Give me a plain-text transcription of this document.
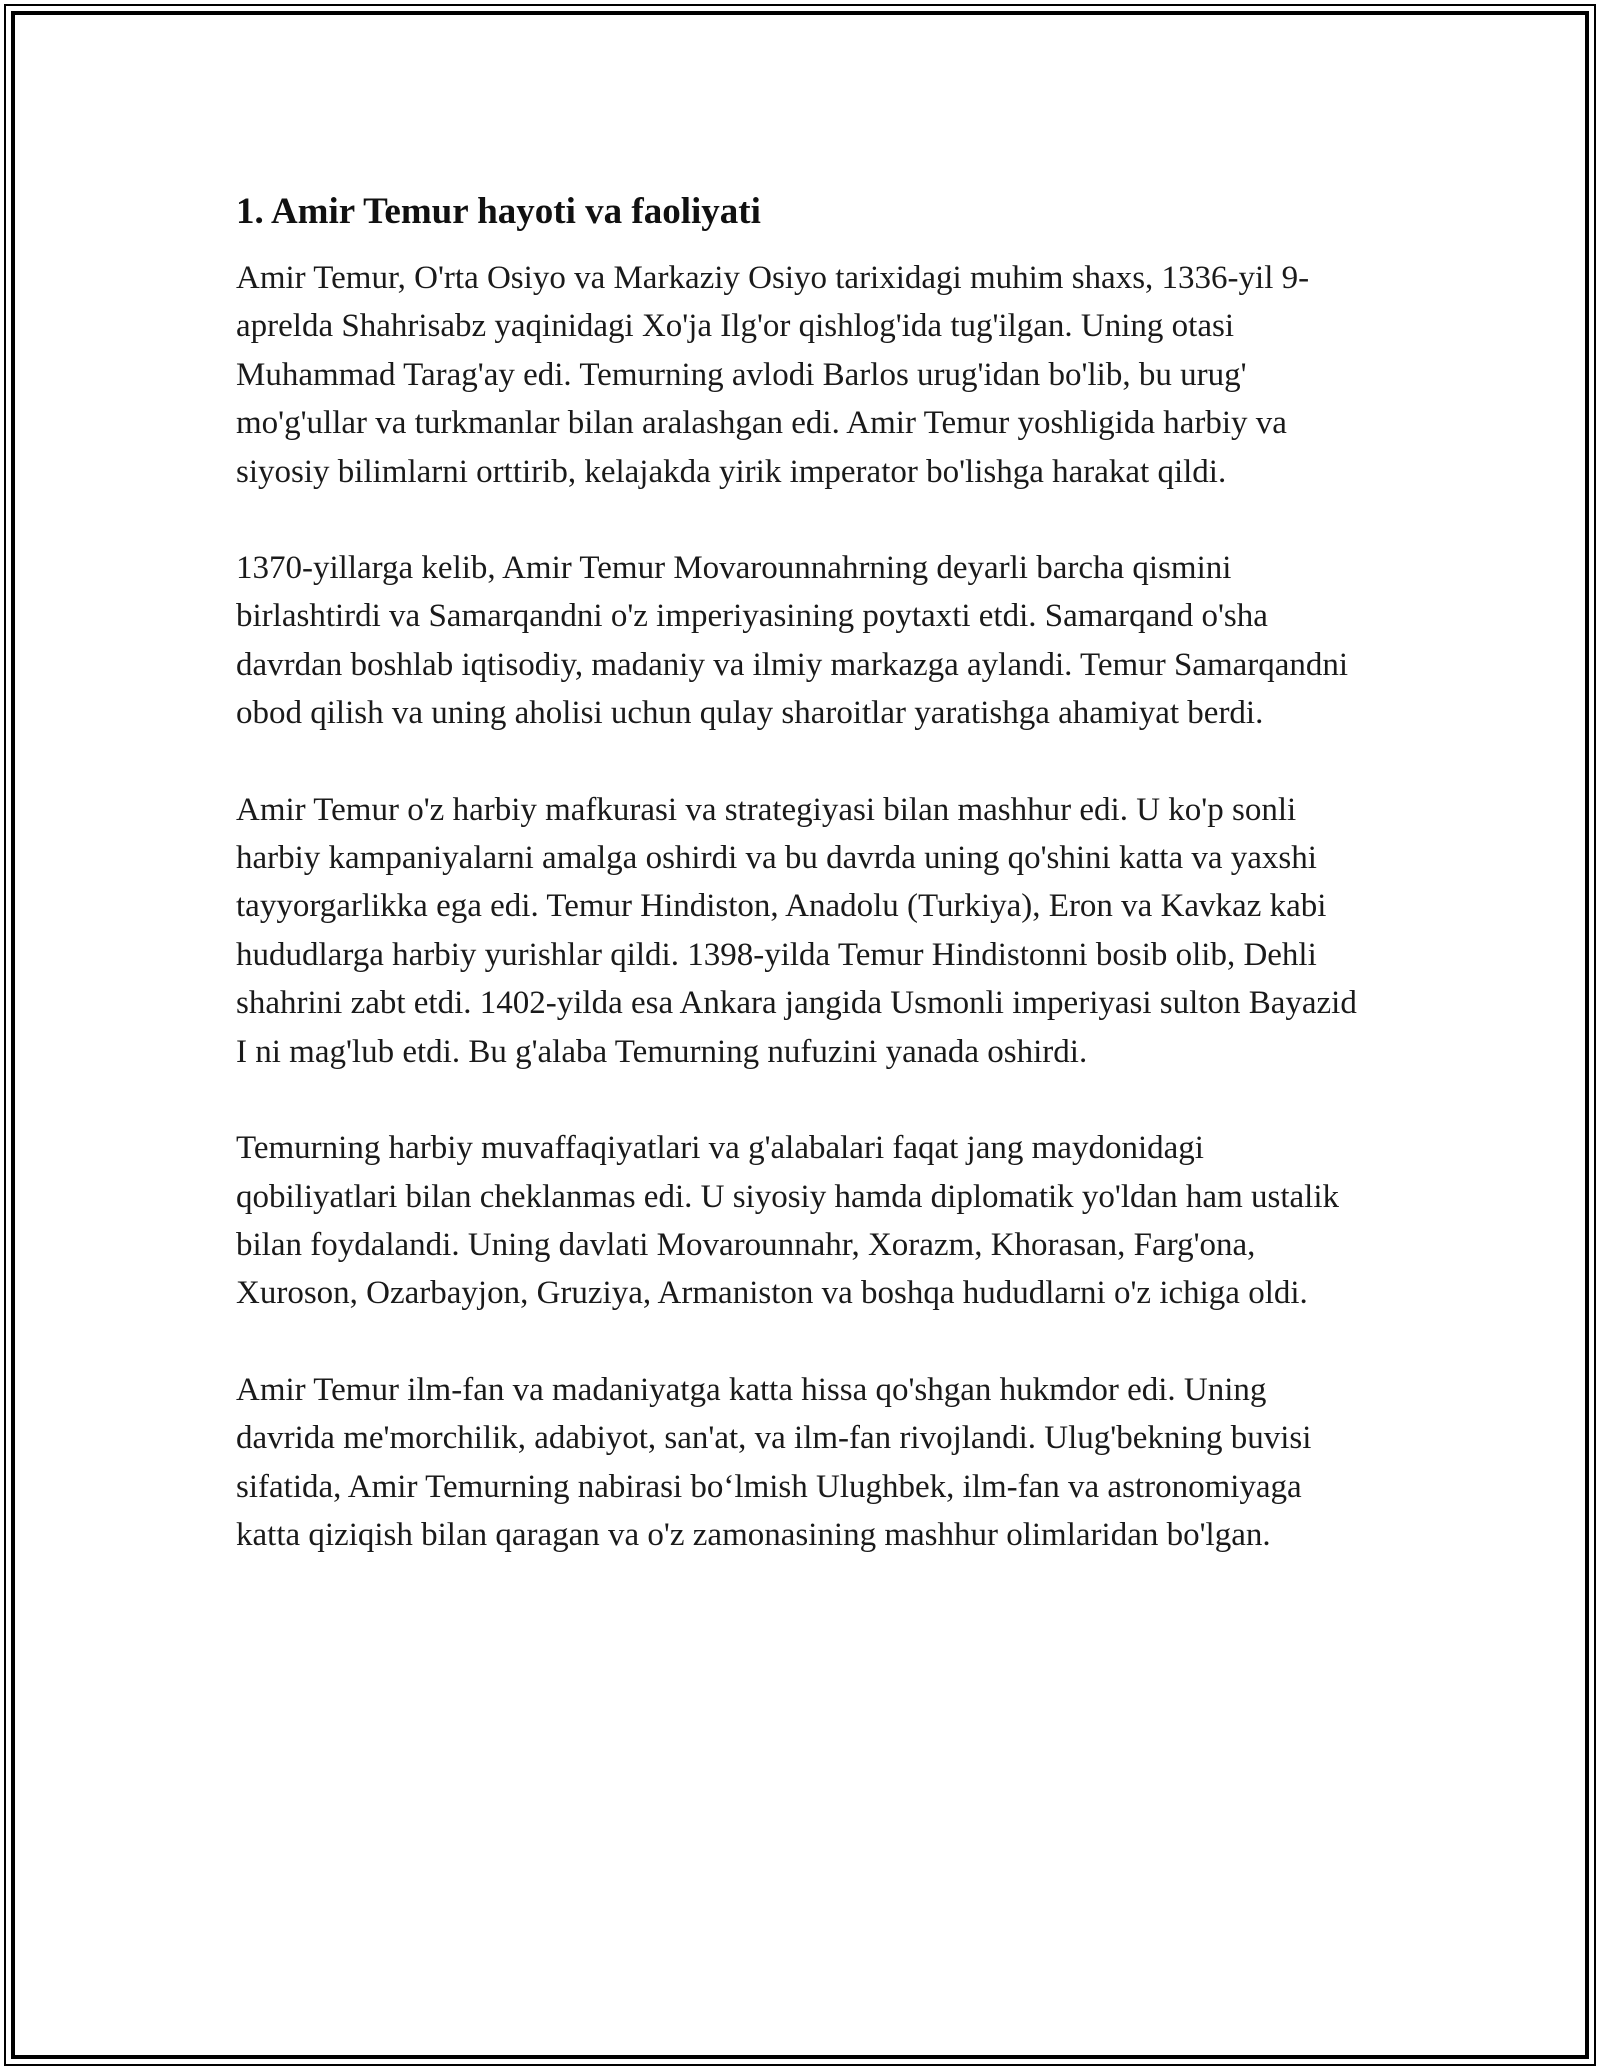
1. Amir Temur hayoti va faoliyati

Amir Temur, O'rta Osiyo va Markaziy Osiyo tarixidagi muhim shaxs, 1336-yil 9-aprelda Shahrisabz yaqinidagi Xo'ja Ilg'or qishlog'ida tug'ilgan. Uning otasi Muhammad Tarag'ay edi. Temurning avlodi Barlos urug'idan bo'lib, bu urug' mo'g'ullar va turkmanlar bilan aralashgan edi. Amir Temur yoshligida harbiy va siyosiy bilimlarni orttirib, kelajakda yirik imperator bo'lishga harakat qildi.

1370-yillarga kelib, Amir Temur Movarounnahrning deyarli barcha qismini birlashtirdi va Samarqandni o'z imperiyasining poytaxti etdi. Samarqand o'sha davrdan boshlab iqtisodiy, madaniy va ilmiy markazga aylandi. Temur Samarqandni obod qilish va uning aholisi uchun qulay sharoitlar yaratishga ahamiyat berdi.

Amir Temur o'z harbiy mafkurasi va strategiyasi bilan mashhur edi. U ko'p sonli harbiy kampaniyalarni amalga oshirdi va bu davrda uning qo'shini katta va yaxshi tayyorgarlikka ega edi. Temur Hindiston, Anadolu (Turkiya), Eron va Kavkaz kabi hududlarga harbiy yurishlar qildi. 1398-yilda Temur Hindistonni bosib olib, Dehli shahrini zabt etdi. 1402-yilda esa Ankara jangida Usmonli imperiyasi sulton Bayazid I ni mag'lub etdi. Bu g'alaba Temurning nufuzini yanada oshirdi.

Temurning harbiy muvaffaqiyatlari va g'alabalari faqat jang maydonidagi qobiliyatlari bilan cheklanmas edi. U siyosiy hamda diplomatik yo'ldan ham ustalik bilan foydalandi. Uning davlati Movarounnahr, Xorazm, Khorasan, Farg'ona, Xuroson, Ozarbayjon, Gruziya, Armaniston va boshqa hududlarni o'z ichiga oldi.

Amir Temur ilm-fan va madaniyatga katta hissa qo'shgan hukmdor edi. Uning davrida me'morchilik, adabiyot, san'at, va ilm-fan rivojlandi. Ulug'bekning buvisi sifatida, Amir Temurning nabirasi bo‘lmish Ulughbek, ilm-fan va astronomiyaga katta qiziqish bilan qaragan va o'z zamonasining mashhur olimlaridan bo'lgan.
